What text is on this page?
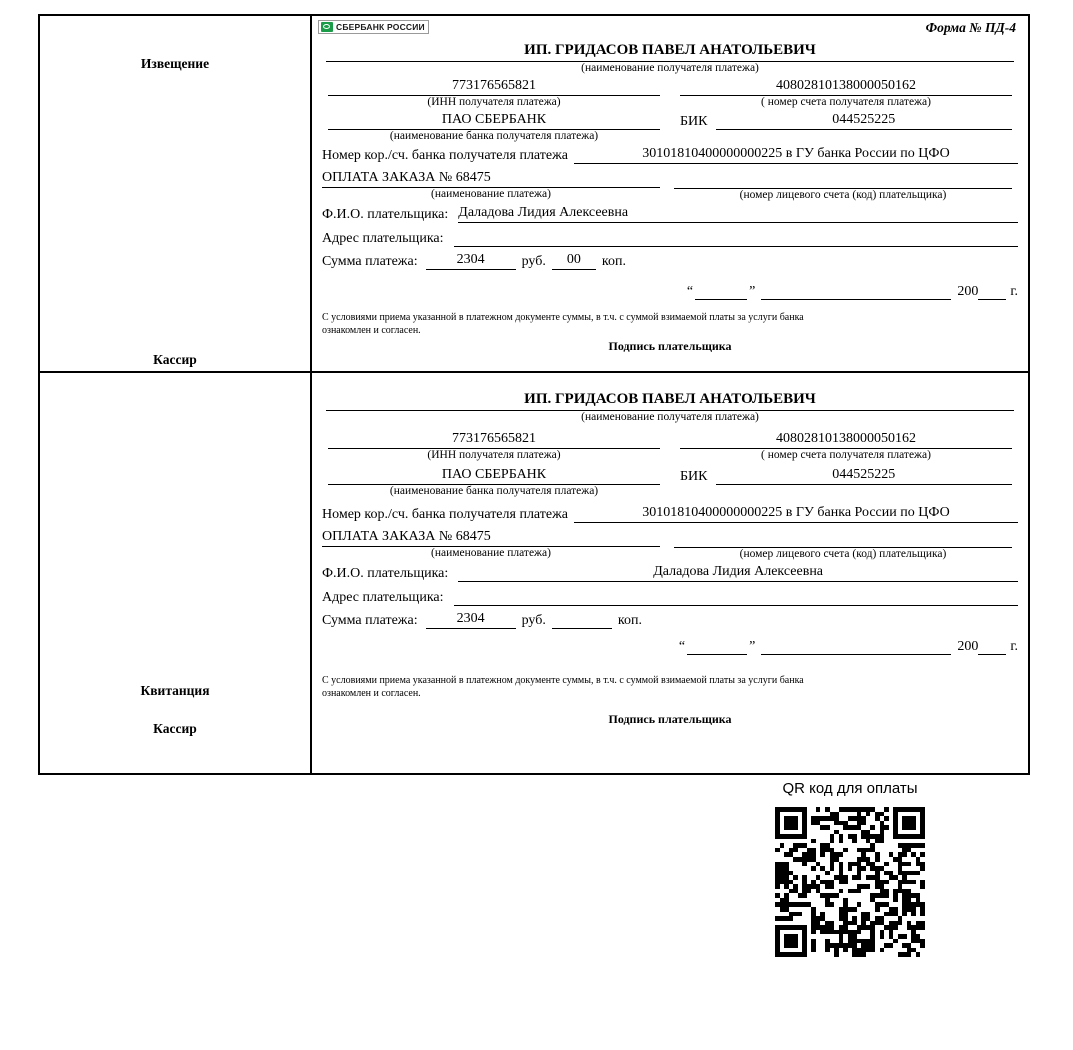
Извещение
Кассир
СБЕРБАНК РОССИИ	Форма № ПД-4
ИП. ГРИДАСОВ ПАВЕЛ АНАТОЛЬЕВИЧ
(наименование получателя платежа)
773176565821
(ИНН получателя платежа)
40802810138000050162
( номер счета получателя платежа)
ПАО СБЕРБАНК
(наименование банка получателя платежа)
БИК	044525225
Номер кор./сч. банка получателя платежа	30101810400000000225 в ГУ банка России по ЦФО
ОПЛАТА ЗАКАЗА № 68475
(наименование платежа)	(номер лицевого счета (код) плательщика)
Ф.И.О. плательщика: Даладова Лидия Алексеевна
Адрес плательщика:
Сумма платежа:	2304	руб.	00	коп.
“	”	200 г.
С условиями приема указанной в платежном документе суммы, в т.ч. с суммой взимаемой платы за услуги банка
ознакомлен и согласен.
Подпись плательщика
Квитанция
Кассир
ИП. ГРИДАСОВ ПАВЕЛ АНАТОЛЬЕВИЧ
(наименование получателя платежа)
773176565821
(ИНН получателя платежа)
40802810138000050162
( номер счета получателя платежа)
ПАО СБЕРБАНК
(наименование банка получателя платежа)
БИК	044525225
Номер кор./сч. банка получателя платежа	30101810400000000225 в ГУ банка России по ЦФО
ОПЛАТА ЗАКАЗА № 68475
(наименование платежа)	(номер лицевого счета (код) плательщика)
Ф.И.О. плательщика:	Даладова Лидия Алексеевна
Адрес плательщика:
Сумма платежа:	2304	руб.	коп.
“	”	200 г.
С условиями приема указанной в платежном документе суммы, в т.ч. с суммой взимаемой платы за услуги банка
ознакомлен и согласен.
Подпись плательщика
QR код для оплаты
